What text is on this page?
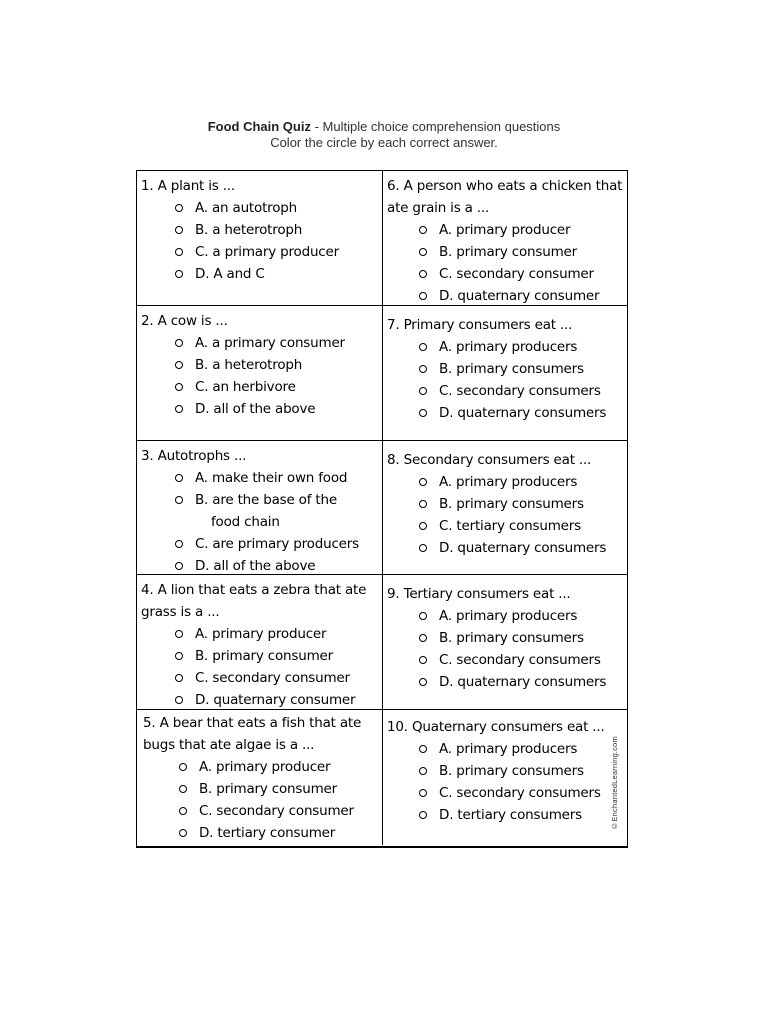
Food Chain Quiz - Multiple choice comprehension questions
Color the circle by each correct answer.
1. A plant is ...
A. an autotroph
B. a heterotroph
C. a primary producer
D. A and C
6. A person who eats a chicken that ate grain is a ...
A. primary producer
B. primary consumer
C. secondary consumer
D. quaternary consumer
2. A cow is ...
A. a primary consumer
B. a heterotroph
C. an herbivore
D. all of the above
7. Primary consumers eat ...
A. primary producers
B. primary consumers
C. secondary consumers
D. quaternary consumers
3. Autotrophs ...
A. make their own food
B. are the base of the
food chain
C. are primary producers
D. all of the above
8. Secondary consumers eat ...
A. primary producers
B. primary consumers
C. tertiary consumers
D. quaternary consumers
4. A lion that eats a zebra that ate grass is a ...
A. primary producer
B. primary consumer
C. secondary consumer
D. quaternary consumer
9. Tertiary consumers eat ...
A. primary producers
B. primary consumers
C. secondary consumers
D. quaternary consumers
5. A bear that eats a fish that ate bugs that ate algae is a ...
A. primary producer
B. primary consumer
C. secondary consumer
D. tertiary consumer
10. Quaternary consumers eat ...
A. primary producers
B. primary consumers
C. secondary consumers
D. tertiary consumers	©EnchantedLearning.com
